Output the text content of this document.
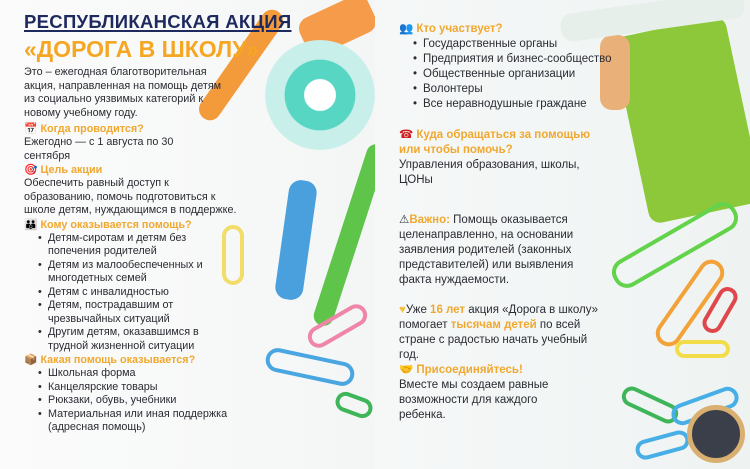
РЕСПУБЛИКАНСКАЯ АКЦИЯ
«ДОРОГА В ШКОЛУ»
Это – ежегодная благотворительная акция, направленная на помощь детям из социально уязвимых категорий к новому учебному году.
📅 Когда проводится?
Ежегодно — с 1 августа по 30 сентября
🎯 Цель акции
Обеспечить равный доступ к образованию, помочь подготовиться к школе детям, нуждающимся в поддержке.
👪 Кому оказывается помощь?
• Детям-сиротам и детям без попечения родителей
• Детям из малообеспеченных и многодетных семей
• Детям с инвалидностью
• Детям, пострадавшим от чрезвычайных ситуаций
• Другим детям, оказавшимся в трудной жизненной ситуации
📦 Какая помощь оказывается?
• Школьная форма
• Канцелярские товары
• Рюкзаки, обувь, учебники
• Материальная или иная поддержка (адресная помощь)
👥 Кто участвует?
• Государственные органы
• Предприятия и бизнес-сообщество
• Общественные организации
• Волонтеры
• Все неравнодушные граждане
☎ Куда обращаться за помощью или чтобы помочь?
Управления образования, школы, ЦОНы
⚠Важно: Помощь оказывается целенаправленно, на основании заявления родителей (законных представителей) или выявления факта нуждаемости.
♥Уже 16 лет акция «Дорога в школу» помогает тысячам детей по всей стране с радостью начать учебный год.
🤝 Присоединяйтесь!
Вместе мы создаем равные возможности для каждого ребенка.
